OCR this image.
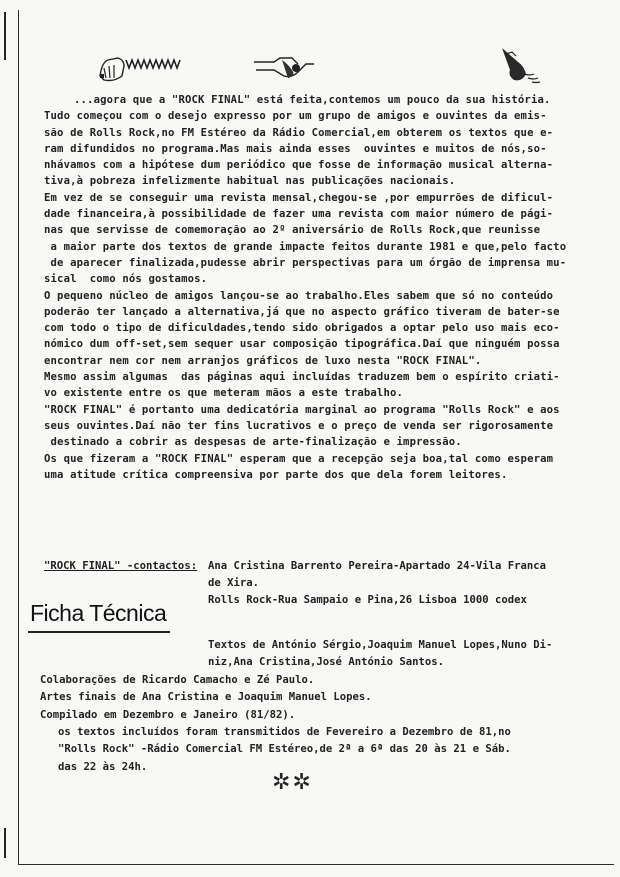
...agora que a "ROCK FINAL" está feita,contemos um pouco da sua história.

Tudo começou com o desejo expresso por um grupo de amigos e ouvintes da emis-

são de Rolls Rock,no FM Estéreo da Rádio Comercial,em obterem os textos que e-

ram difundidos no programa.Mas mais ainda esses  ouvintes e muitos de nós,so-

nhávamos com a hipótese dum periódico que fosse de informação musical alterna-

tiva,à pobreza infelizmente habitual nas publicações nacionais.

Em vez de se conseguir uma revista mensal,chegou-se ,por empurrões de dificul-

dade financeira,à possibilidade de fazer uma revista com maior número de pági-

nas que servisse de comemoração ao 2º aniversário de Rolls Rock,que reunisse

a maior parte dos textos de grande impacte feitos durante 1981 e que,pelo facto

de aparecer finalizada,pudesse abrir perspectivas para um órgão de imprensa mu-

sical  como nós gostamos.

O pequeno núcleo de amigos lançou-se ao trabalho.Eles sabem que só no conteúdo

poderão ter lançado a alternativa,já que no aspecto gráfico tiveram de bater-se

com todo o tipo de dificuldades,tendo sido obrigados a optar pelo uso mais eco-

nómico dum off-set,sem sequer usar composição tipográfica.Daí que ninguém possa

encontrar nem cor nem arranjos gráficos de luxo nesta "ROCK FINAL".

Mesmo assim algumas  das páginas aqui incluídas traduzem bem o espírito criati-

vo existente entre os que meteram mãos a este trabalho.

"ROCK FINAL" é portanto uma dedicatória marginal ao programa "Rolls Rock" e aos

seus ouvintes.Daí não ter fins lucrativos e o preço de venda ser rigorosamente

destinado a cobrir as despesas de arte-finalização e impressão.

Os que fizeram a "ROCK FINAL" esperam que a recepção seja boa,tal como esperam

uma atitude crítica compreensiva por parte dos que dela forem leitores.

"ROCK FINAL" -contactos:	Ana Cristina Barrento Pereira-Apartado 24-Vila Franca
de Xira.
Rolls Rock-Rua Sampaio e Pina,26 Lisboa 1000 codex
Ficha Técnica
Textos de António Sérgio,Joaquim Manuel Lopes,Nuno Di-
niz,Ana Cristina,José António Santos.
Colaborações de Ricardo Camacho e Zé Paulo.
Artes finais de Ana Cristina e Joaquim Manuel Lopes.
Compilado em Dezembro e Janeiro (81/82).
os textos incluídos foram transmitidos de Fevereiro a Dezembro de 81,no
"Rolls Rock" -Rádio Comercial FM Estéreo,de 2ª a 6ª das 20 às 21 e Sáb.
das 22 às 24h.
✲✲
